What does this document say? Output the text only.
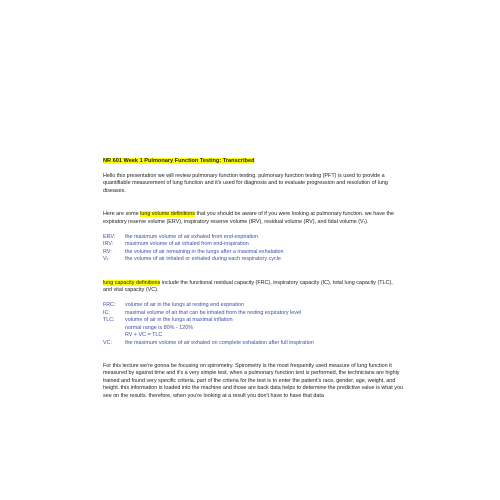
NR 601 Week 1 Pulmonary Function Testing: Transcribed

Hello this presentation we will review pulmonary function testing. pulmonary function testing (PFT) is used to provide a quantifiable measurement of lung function and it's used for diagnosis and to evaluate progression and resolution of lung diseases.

Here are some lung volume definitions that you should be aware of if you were looking at pulmonary function. we have the expiratory reserve volume (ERV), inspiratory reserve volume (IRV), residual volume (RV), and tidal volume (Vₜ).

ERV:	the maximum volume of air exhaled from end-expiration
IRV:	maximum volume of air inhaled from end-inspiration
RV:	the volume of air remaining in the lungs after a maximal exhalation
Vₜ:	the volume of air inhaled or exhaled during each respiratory cycle

lung capacity definitions include the functional residual capacity (FRC), inspiratory capacity (IC), total lung capacity (TLC), and vital capacity (VC).

FRC:	volume of air in the lungs at resting end expiration
IC:	maximal volume of air that can be inhaled from the resting expiratory level
TLC:	volume of air in the lungs at maximal inflation
normal range is 80% - 120%
RV + VC = TLC
VC:	the maximum volume of air exhaled on complete exhalation after full inspiration

For this lecture we're gonna be focusing on spirometry. Spirometry is the most frequently used measure of lung function it measured by against time and it's a very simple test. when a pulmonary function test is performed, the technicians are highly trained and found very specific criteria. part of the criteria for the test is to enter the patient's race, gender, age, weight, and height. this information is loaded into the machine and those are back data helps to determine the predictive value is what you see on the results. therefore, when you're looking at a result you don't have to have that data
